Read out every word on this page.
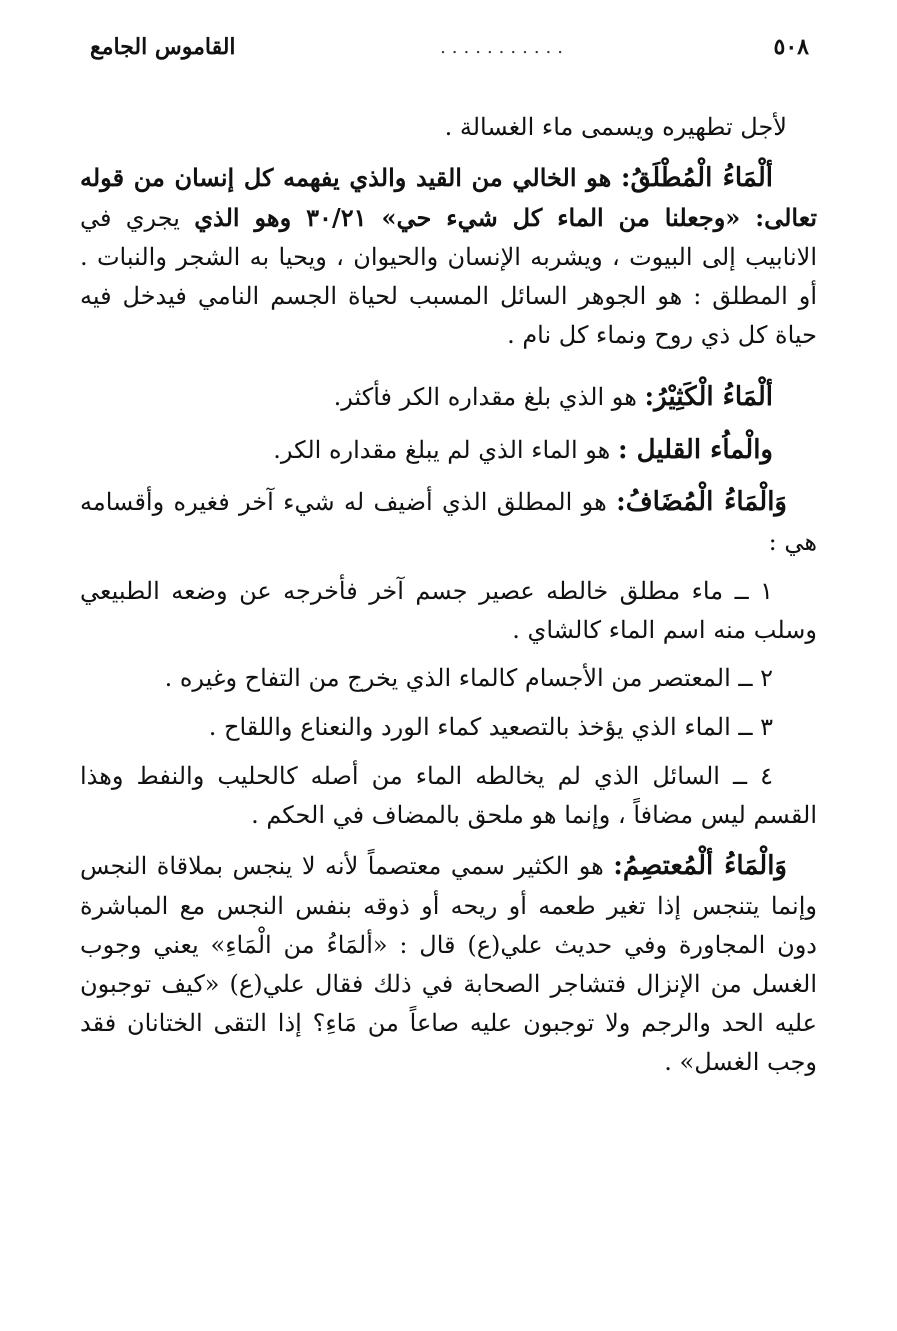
٥٠٨
...........
القاموس الجامع

لأجل تطهيره ويسمى ماء الغسالة .

ألْمَاءُ الْمُطْلَقُ: هو الخالي من القيد والذي يفهمه كل إنسان من قوله تعالى: «وجعلنا من الماء كل شيء حي» ٣٠/٢١ وهو الذي يجري في الانابيب إلى البيوت ، ويشربه الإنسان والحيوان ، ويحيا به الشجر والنبات . أو المطلق : هو الجوهر السائل المسبب لحياة الجسم النامي فيدخل فيه حياة كل ذي روح ونماء كل نام .

ألْمَاءُ الْكَثِيْرُ: هو الذي بلغ مقداره الكر فأكثر.

والْماُء القليل : هو الماء الذي لم يبلغ مقداره الكر.

وَالْمَاءُ الْمُضَافُ: هو المطلق الذي أضيف له شيء آخر فغيره وأقسامه هي :

١ ــ ماء مطلق خالطه عصير جسم آخر فأخرجه عن وضعه الطبيعي وسلب منه اسم الماء كالشاي .

٢ ــ المعتصر من الأجسام كالماء الذي يخرج من التفاح وغيره .

٣ ــ الماء الذي يؤخذ بالتصعيد كماء الورد والنعناع واللقاح .

٤ ــ السائل الذي لم يخالطه الماء من أصله كالحليب والنفط وهذا القسم ليس مضافاً ، وإنما هو ملحق بالمضاف في الحكم .

وَالْمَاءُ ألْمُعتصِمُ: هو الكثير سمي معتصماً لأنه لا ينجس بملاقاة النجس وإنما يتنجس إذا تغير طعمه أو ريحه أو ذوقه بنفس النجس مع المباشرة دون المجاورة وفي حديث علي(ع) قال : «ألمَاءُ من الْمَاءِ» يعني وجوب الغسل من الإنزال فتشاجر الصحابة في ذلك فقال علي(ع) «كيف توجبون عليه الحد والرجم ولا توجبون عليه صاعاً من مَاءِ؟ إذا التقى الختانان فقد وجب الغسل» .
